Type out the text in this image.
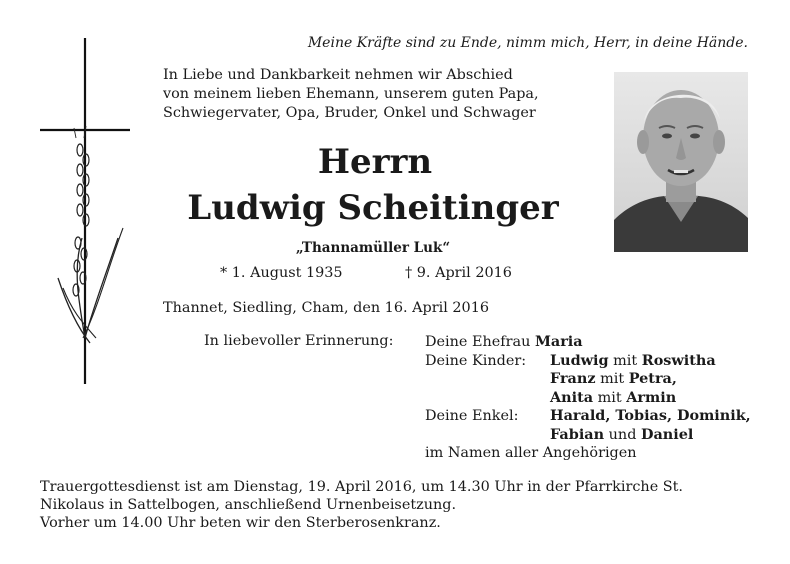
Meine Kräfte sind zu Ende, nimm mich, Herr, in deine Hände.
In Liebe und Dankbarkeit nehmen wir Abschied
von meinem lieben Ehemann, unserem guten Papa,
Schwiegervater, Opa, Bruder, Onkel und Schwager
Herrn
Ludwig Scheitinger
„Thannamüller Luk“
* 1. August 1935	† 9. April 2016
Thannet, Siedling, Cham, den 16. April 2016
In liebevoller Erinnerung: Deine Ehefrau Maria
Deine Kinder: Ludwig mit Roswitha
Franz mit Petra,
Anita mit Armin
Deine Enkel: Harald, Tobias, Dominik,
Fabian und Daniel
im Namen aller Angehörigen
Trauergottesdienst ist am Dienstag, 19. April 2016, um 14.30 Uhr in der Pfarrkirche St.
Nikolaus in Sattelbogen, anschließend Urnenbeisetzung.
Vorher um 14.00 Uhr beten wir den Sterberosenkranz.
